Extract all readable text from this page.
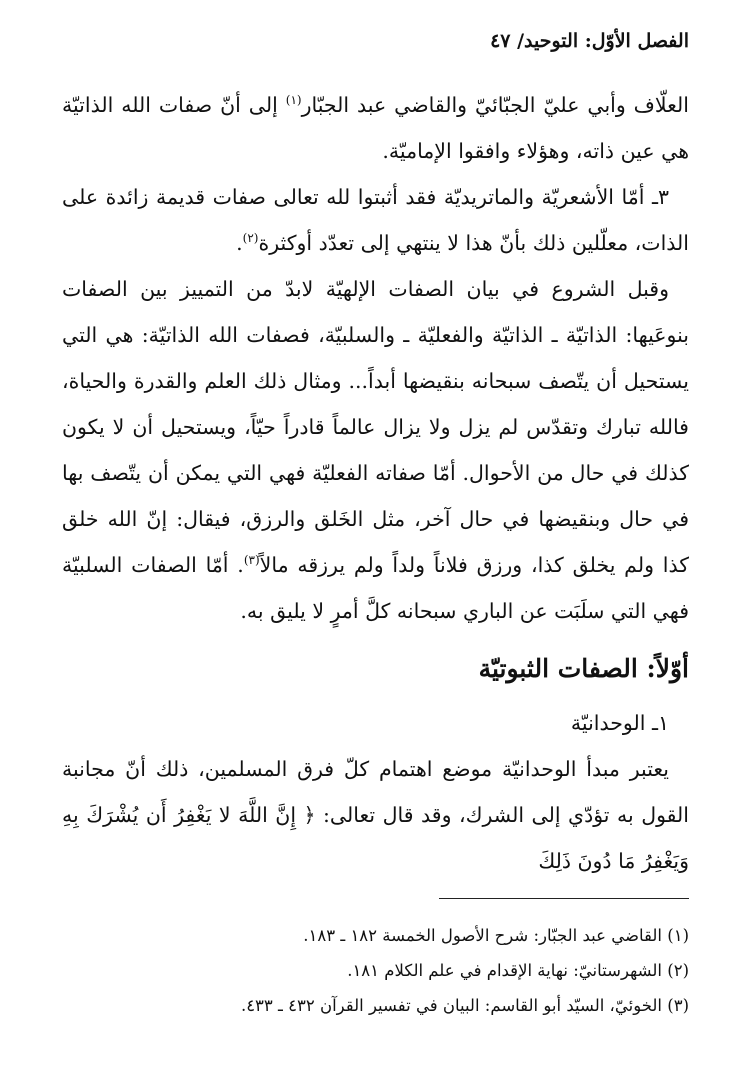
الفصل الأوّل: التوحيد/ ٤٧

العلّاف وأبي عليّ الجبّائيّ والقاضي عبد الجبّار$^{(١)}$ إلى أنّ صفات الله الذاتيّة هي عين ذاته، وهؤلاء وافقوا الإماميّة.

٣ـ أمّا الأشعريّة والماتريديّة فقد أثبتوا لله تعالى صفات قديمة زائدة على الذات، معلّلين ذلك بأنّ هذا لا ينتهي إلى تعدّد أوكثرة$^{(٢)}$.

وقبل الشروع في بيان الصفات الإلهيّة لابدّ من التمييز بين الصفات بنوعَيها: الذاتيّة ـ الذاتيّة والفعليّة ـ والسلبيّة، فصفات الله الذاتيّة: هي التي يستحيل أن يتّصف سبحانه بنقيضها أبداً... ومثال ذلك العلم والقدرة والحياة، فالله تبارك وتقدّس لم يزل ولا يزال عالماً قادراً حيّاً، ويستحيل أن لا يكون كذلك في حال من الأحوال. أمّا صفاته الفعليّة فهي التي يمكن أن يتّصف بها في حال وبنقيضها في حال آخر، مثل الخَلق والرزق، فيقال: إنّ الله خلق كذا ولم يخلق كذا، ورزق فلاناً ولداً ولم يرزقه مالاً$^{(٣)}$. أمّا الصفات السلبيّة فهي التي سلَبَت عن الباري سبحانه كلَّ أمرٍ لا يليق به.

أوّلاً: الصفات الثبوتيّة

١ـ الوحدانيّة

يعتبر مبدأ الوحدانيّة موضع اهتمام كلّ فرق المسلمين، ذلك أنّ مجانبة القول به تؤدّي إلى الشرك، وقد قال تعالى: ﴿ إِنَّ اللَّهَ لا يَغْفِرُ أَن يُشْرَكَ بِهِ وَيَغْفِرُ مَا دُونَ ذَلِكَ

(١) القاضي عبد الجبّار: شرح الأصول الخمسة ١٨٢ ـ ١٨٣.

(٢) الشهرستانيّ: نهاية الإقدام في علم الكلام ١٨١.

(٣) الخوئيّ، السيّد أبو القاسم: البيان في تفسير القرآن ٤٣٢ ـ ٤٣٣.
